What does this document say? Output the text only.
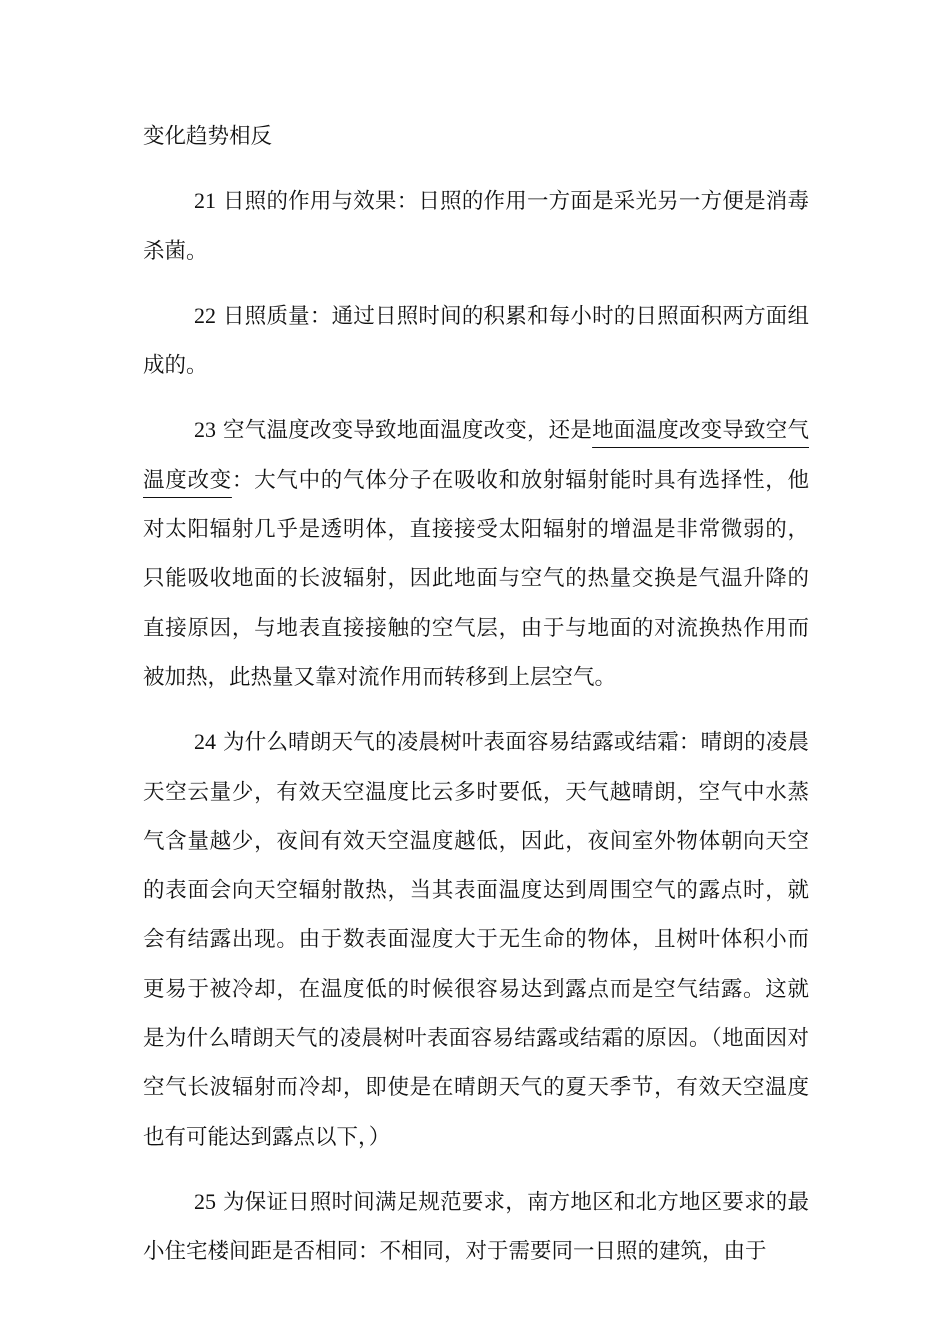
变化趋势相反

21 日照的作用与效果：日照的作用一方面是采光另一方便是消毒杀菌。

22 日照质量：通过日照时间的积累和每小时的日照面积两方面组成的。

23 空气温度改变导致地面温度改变，还是地面温度改变导致空气温度改变：大气中的气体分子在吸收和放射辐射能时具有选择性，他对太阳辐射几乎是透明体，直接接受太阳辐射的增温是非常微弱的，只能吸收地面的长波辐射，因此地面与空气的热量交换是气温升降的直接原因，与地表直接接触的空气层，由于与地面的对流换热作用而被加热，此热量又靠对流作用而转移到上层空气。

24 为什么晴朗天气的凌晨树叶表面容易结露或结霜：晴朗的凌晨天空云量少，有效天空温度比云多时要低，天气越晴朗，空气中水蒸气含量越少，夜间有效天空温度越低，因此，夜间室外物体朝向天空的表面会向天空辐射散热，当其表面温度达到周围空气的露点时，就会有结露出现。由于数表面湿度大于无生命的物体，且树叶体积小而更易于被冷却，在温度低的时候很容易达到露点而是空气结露。这就是为什么晴朗天气的凌晨树叶表面容易结露或结霜的原因。（地面因对空气长波辐射而冷却，即使是在晴朗天气的夏天季节，有效天空温度也有可能达到露点以下，）

25 为保证日照时间满足规范要求，南方地区和北方地区要求的最小住宅楼间距是否相同：不相同，对于需要同一日照的建筑，由于
